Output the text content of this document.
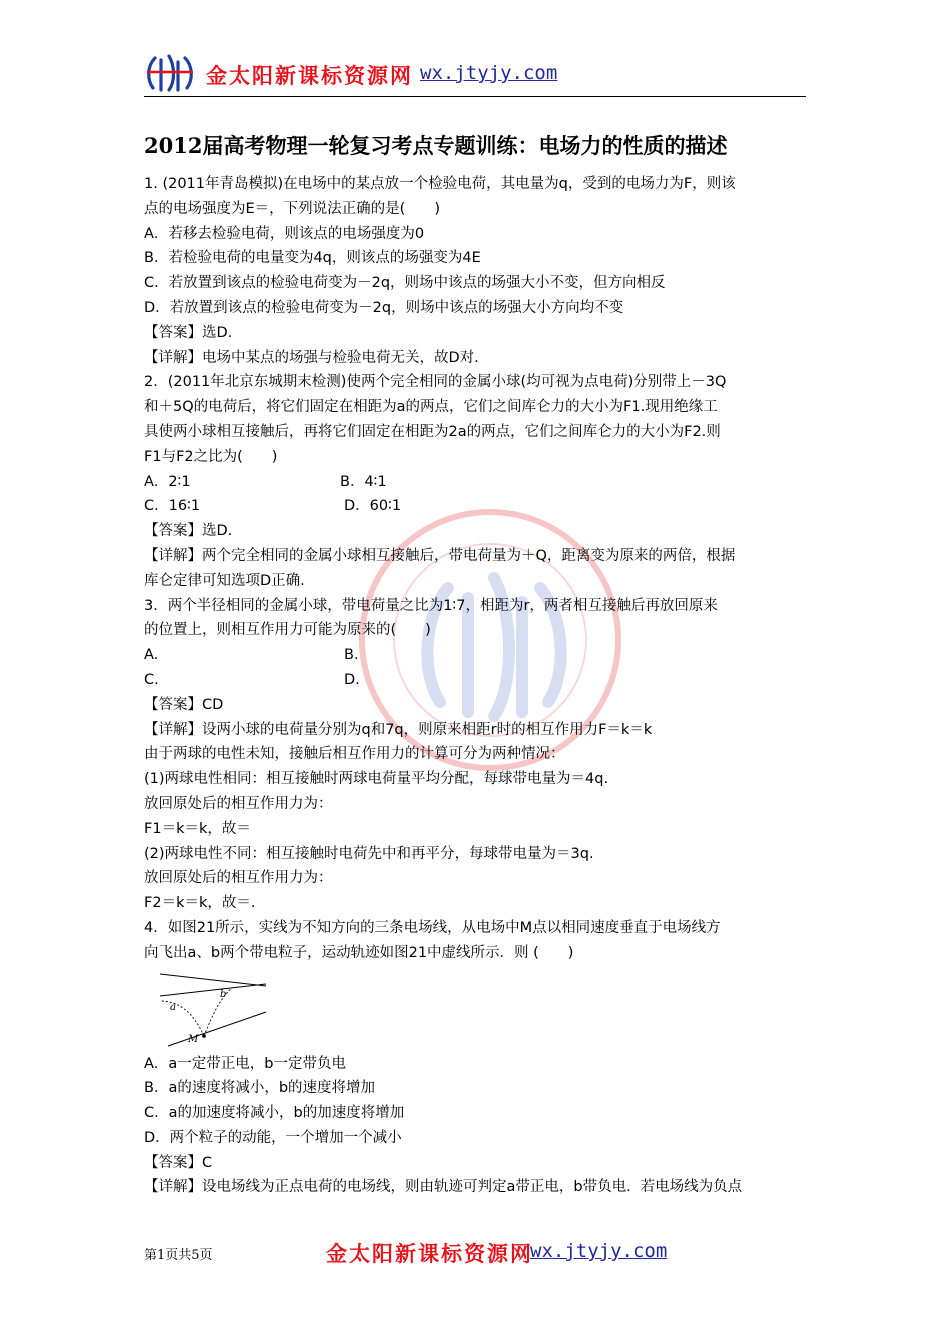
金太阳新课标资源网 wx.jtyjy.com
2012届高考物理一轮复习考点专题训练：电场力的性质的描述
1. (2011年青岛模拟)在电场中的某点放一个检验电荷，其电量为q，受到的电场力为F，则该
点的电场强度为E＝，下列说法正确的是(　　)
A．若移去检验电荷，则该点的电场强度为0
B．若检验电荷的电量变为4q，则该点的场强变为4E
C．若放置到该点的检验电荷变为－2q，则场中该点的场强大小不变，但方向相反
D．若放置到该点的检验电荷变为－2q，则场中该点的场强大小方向均不变
【答案】选D.
【详解】电场中某点的场强与检验电荷无关，故D对.
2．(2011年北京东城期末检测)使两个完全相同的金属小球(均可视为点电荷)分别带上－3Q
和＋5Q的电荷后，将它们固定在相距为a的两点，它们之间库仑力的大小为F1.现用绝缘工
具使两小球相互接触后，再将它们固定在相距为2a的两点，它们之间库仑力的大小为F2.则
F1与F2之比为(　　)
A．2∶1	B．4∶1
C．16∶1	D．60∶1
【答案】选D.
【详解】两个完全相同的金属小球相互接触后，带电荷量为＋Q，距离变为原来的两倍，根据
库仑定律可知选项D正确.
3．两个半径相同的金属小球，带电荷量之比为1∶7，相距为r，两者相互接触后再放回原来
的位置上，则相互作用力可能为原来的(　　)
A.	B.
C.	D.
【答案】CD
【详解】设两小球的电荷量分别为q和7q，则原来相距r时的相互作用力F＝k＝k
由于两球的电性未知，接触后相互作用力的计算可分为两种情况：
(1)两球电性相同：相互接触时两球电荷量平均分配，每球带电量为＝4q.
放回原处后的相互作用力为：
F1＝k＝k，故＝
(2)两球电性不同：相互接触时电荷先中和再平分，每球带电量为＝3q.
放回原处后的相互作用力为：
F2＝k＝k，故＝.
4．如图21所示，实线为不知方向的三条电场线，从电场中M点以相同速度垂直于电场线方
向飞出a、b两个带电粒子，运动轨迹如图21中虚线所示．则 (　　)
a
b
M
A．a一定带正电，b一定带负电
B．a的速度将减小，b的速度将增加
C．a的加速度将减小，b的加速度将增加
D．两个粒子的动能，一个增加一个减小
【答案】C
【详解】设电场线为正点电荷的电场线，则由轨迹可判定a带正电，b带负电．若电场线为负点
第1页共5页	金太阳新课标资源网
wx.jtyjy.com
